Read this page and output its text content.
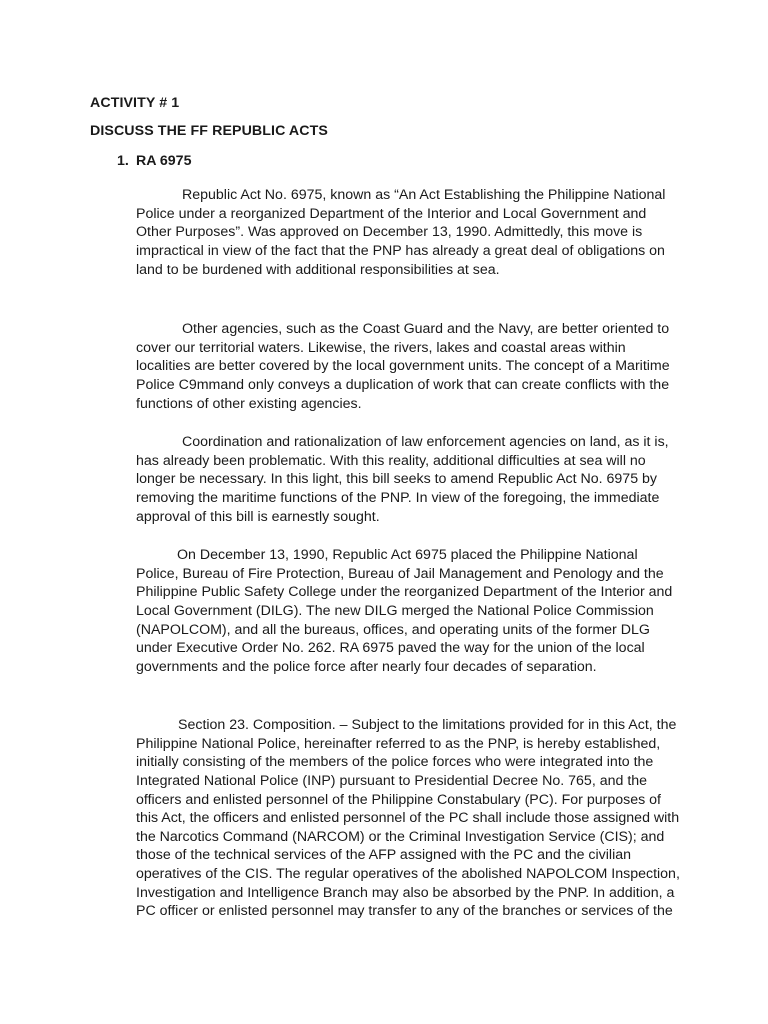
ACTIVITY # 1
DISCUSS THE FF REPUBLIC ACTS
1. RA 6975

Republic Act No. 6975, known as “An Act Establishing the Philippine National Police under a reorganized Department of the Interior and Local Government and Other Purposes”. Was approved on December 13, 1990. Admittedly, this move is impractical in view of the fact that the PNP has already a great deal of obligations on land to be burdened with additional responsibilities at sea.

Other agencies, such as the Coast Guard and the Navy, are better oriented to cover our territorial waters. Likewise, the rivers, lakes and coastal areas within localities are better covered by the local government units. The concept of a Maritime Police C9mmand only conveys a duplication of work that can create conflicts with the functions of other existing agencies.

Coordination and rationalization of law enforcement agencies on land, as it is, has already been problematic. With this reality, additional difficulties at sea will no longer be necessary. In this light, this bill seeks to amend Republic Act No. 6975 by removing the maritime functions of the PNP. In view of the foregoing, the immediate approval of this bill is earnestly sought.

On December 13, 1990, Republic Act 6975 placed the Philippine National Police, Bureau of Fire Protection, Bureau of Jail Management and Penology and the Philippine Public Safety College under the reorganized Department of the Interior and Local Government (DILG). The new DILG merged the National Police Commission (NAPOLCOM), and all the bureaus, offices, and operating units of the former DLG under Executive Order No. 262. RA 6975 paved the way for the union of the local governments and the police force after nearly four decades of separation.

Section 23. Composition. – Subject to the limitations provided for in this Act, the Philippine National Police, hereinafter referred to as the PNP, is hereby established, initially consisting of the members of the police forces who were integrated into the Integrated National Police (INP) pursuant to Presidential Decree No. 765, and the officers and enlisted personnel of the Philippine Constabulary (PC). For purposes of this Act, the officers and enlisted personnel of the PC shall include those assigned with the Narcotics Command (NARCOM) or the Criminal Investigation Service (CIS); and those of the technical services of the AFP assigned with the PC and the civilian operatives of the CIS. The regular operatives of the abolished NAPOLCOM Inspection, Investigation and Intelligence Branch may also be absorbed by the PNP. In addition, a PC officer or enlisted personnel may transfer to any of the branches or services of the
